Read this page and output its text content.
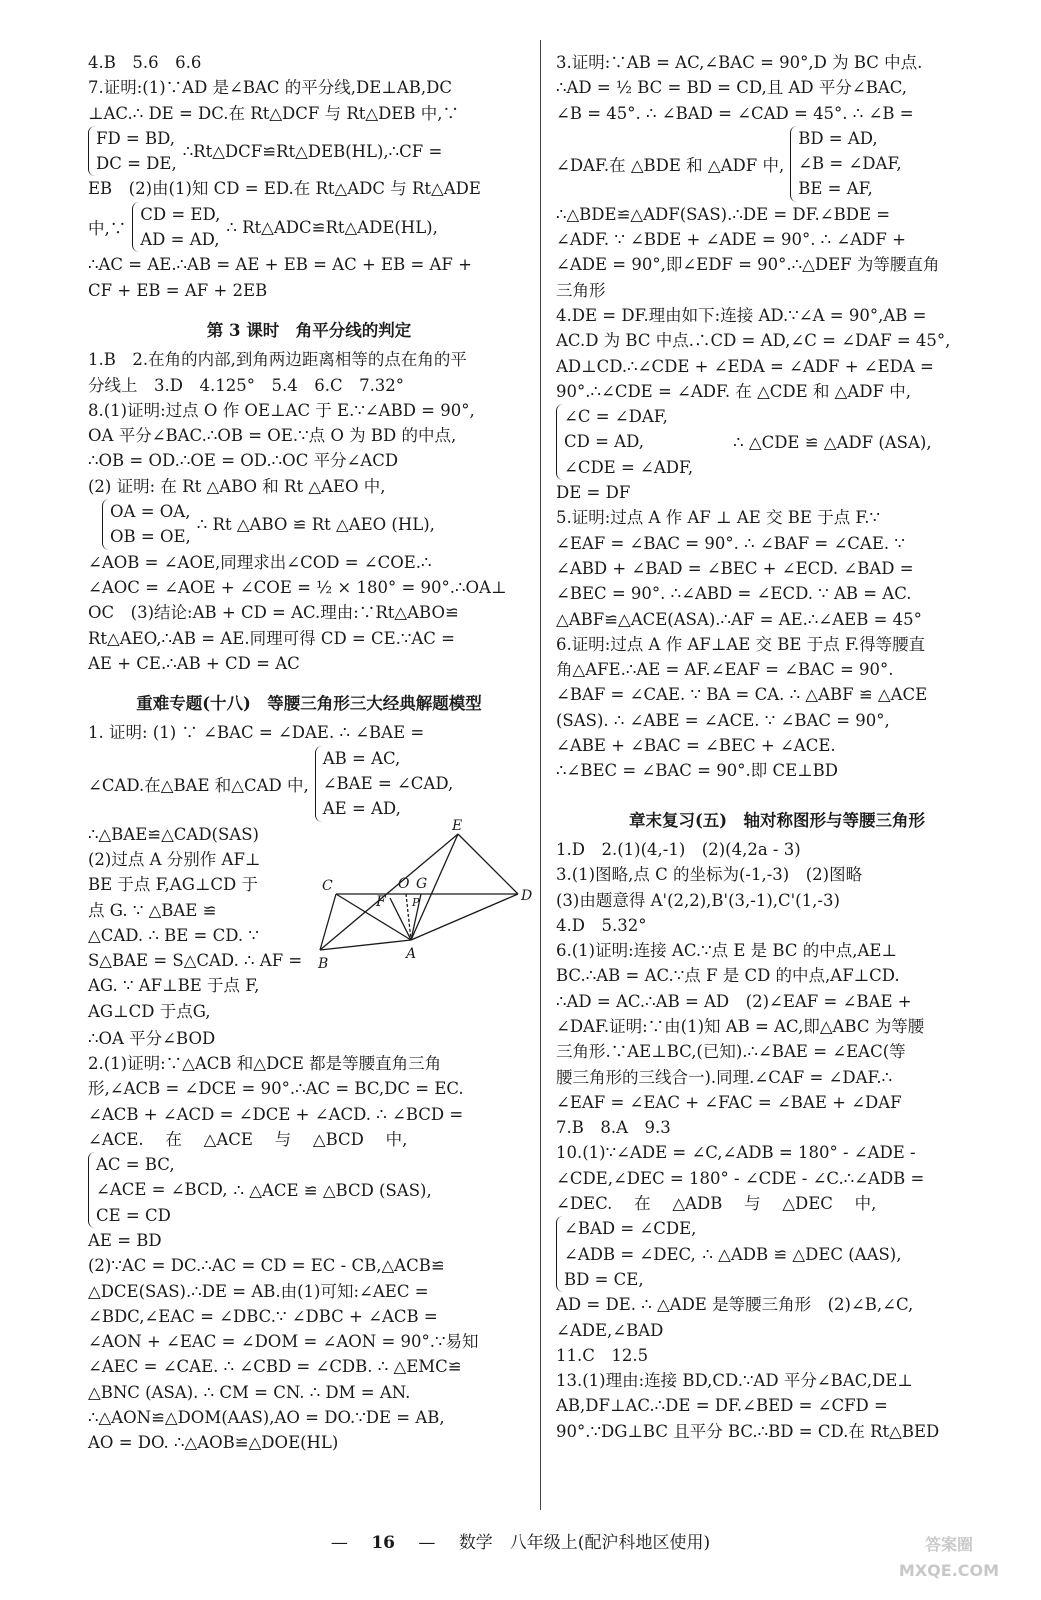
4.B　5.6　6.6
7.证明:(1)∵AD 是∠BAC 的平分线,DE⊥AB,DC
⊥AC.∴ DE = DC.在 Rt△DCF 与 Rt△DEB 中,∵
FD = BD,
DC = DE,
∴Rt△DCF≌Rt△DEB(HL),∴CF =
EB　(2)由(1)知 CD = ED.在 Rt△ADC 与 Rt△ADE
中,∵
CD = ED,
AD = AD,
∴ Rt△ADC≌Rt△ADE(HL),
∴AC = AE.∴AB = AE + EB = AC + EB = AF +
CF + EB = AF + 2EB
第 3 课时　角平分线的判定
1.B　2.在角的内部,到角两边距离相等的点在角的平
分线上　3.D　4.125°　5.4　6.C　7.32°
8.(1)证明:过点 O 作 OE⊥AC 于 E.∵∠ABD = 90°,
OA 平分∠BAC.∴OB = OE.∵点 O 为 BD 的中点,
∴OB = OD.∴OE = OD.∴OC 平分∠ACD
(2) 证明: 在 Rt △ABO 和 Rt △AEO 中,
OA = OA,
OB = OE,
∴ Rt △ABO ≌ Rt △AEO (HL),
∠AOB = ∠AOE,同理求出∠COD = ∠COE.∴
∠AOC = ∠AOE + ∠COE = ½ × 180° = 90°.∴OA⊥
OC　(3)结论:AB + CD = AC.理由:∵Rt△ABO≌
Rt△AEO,∴AB = AE.同理可得 CD = CE.∵AC =
AE + CE.∴AB + CD = AC
重难专题(十八)　等腰三角形三大经典解题模型
1. 证明: (1) ∵ ∠BAC = ∠DAE. ∴ ∠BAE =
∠CAD.在△BAE 和△CAD 中,
AB = AC,
∠BAE = ∠CAD,
AE = AD,
∴△BAE≌△CAD(SAS)
(2)过点 A 分别作 AF⊥
BE 于点 F,AG⊥CD 于
点 G. ∵ △BAE ≌
△CAD. ∴ BE = CD. ∵
S△BAE = S△CAD. ∴ AF =
AG. ∵ AF⊥BE 于点 F,
AG⊥CD 于点G,
E
C	O G
D
F P
B
A
∴OA 平分∠BOD
2.(1)证明:∵△ACB 和△DCE 都是等腰直角三角
形,∠ACB = ∠DCE = 90°.∴AC = BC,DC = EC.
∠ACB + ∠ACD = ∠DCE + ∠ACD. ∴ ∠BCD =
∠ACE. 　在 　△ACE 　与 　△BCD 　中,
AC = BC,
∠ACE = ∠BCD,
CE = CD
∴ △ACE ≌ △BCD (SAS),
AE = BD
(2)∵AC = DC.∴AC = CD = EC - CB,△ACB≌
△DCE(SAS).∴DE = AB.由(1)可知:∠AEC =
∠BDC,∠EAC = ∠DBC.∵ ∠DBC + ∠ACB =
∠AON + ∠EAC = ∠DOM = ∠AON = 90°.∵易知
∠AEC = ∠CAE. ∴ ∠CBD = ∠CDB. ∴ △EMC≌
△BNC (ASA). ∴ CM = CN. ∴ DM = AN.
∴△AON≌△DOM(AAS),AO = DO.∵DE = AB,
AO = DO. ∴△AOB≌△DOE(HL)
3.证明:∵AB = AC,∠BAC = 90°,D 为 BC 中点.
∴AD = ½ BC = BD = CD,且 AD 平分∠BAC,
∠B = 45°. ∴ ∠BAD = ∠CAD = 45°. ∴ ∠B =
∠DAF.在 △BDE 和 △ADF 中,
BD = AD,
∠B = ∠DAF,
BE = AF,
∴△BDE≌△ADF(SAS).∴DE = DF.∠BDE =
∠ADF. ∵ ∠BDE + ∠ADE = 90°. ∴ ∠ADF +
∠ADE = 90°,即∠EDF = 90°.∴△DEF 为等腰直角
三角形
4.DE = DF.理由如下:连接 AD.∵∠A = 90°,AB =
AC.D 为 BC 中点.∴CD = AD,∠C = ∠DAF = 45°,
AD⊥CD.∴∠CDE + ∠EDA = ∠ADF + ∠EDA =
90°.∴∠CDE = ∠ADF. 在 △CDE 和 △ADF 中,
∠C = ∠DAF,
CD = AD,
∠CDE = ∠ADF,
∴ △CDE ≌ △ADF (ASA),
DE = DF
5.证明:过点 A 作 AF ⊥ AE 交 BE 于点 F.∵
∠EAF = ∠BAC = 90°. ∴ ∠BAF = ∠CAE. ∵
∠ABD + ∠BAD = ∠BEC + ∠ECD. ∠BAD =
∠BEC = 90°. ∴∠ABD = ∠ECD. ∵ AB = AC.
△ABF≌△ACE(ASA).∴AF = AE.∴∠AEB = 45°
6.证明:过点 A 作 AF⊥AE 交 BE 于点 F.得等腰直
角△AFE.∴AE = AF.∠EAF = ∠BAC = 90°.
∠BAF = ∠CAE. ∵ BA = CA. ∴ △ABF ≌ △ACE
(SAS). ∴ ∠ABE = ∠ACE. ∵ ∠BAC = 90°,
∠ABE + ∠BAC = ∠BEC + ∠ACE.
∴∠BEC = ∠BAC = 90°.即 CE⊥BD
章末复习(五)　轴对称图形与等腰三角形
1.D　2.(1)(4,-1)　(2)(4,2a - 3)
3.(1)图略,点 C 的坐标为(-1,-3)　(2)图略
(3)由题意得 A'(2,2),B'(3,-1),C'(1,-3)
4.D　5.32°
6.(1)证明:连接 AC.∵点 E 是 BC 的中点,AE⊥
BC.∴AB = AC.∵点 F 是 CD 的中点,AF⊥CD.
∴AD = AC.∴AB = AD　(2)∠EAF = ∠BAE +
∠DAF.证明:∵由(1)知 AB = AC,即△ABC 为等腰
三角形.∵AE⊥BC,(已知).∴∠BAE = ∠EAC(等
腰三角形的三线合一).同理.∠CAF = ∠DAF.∴
∠EAF = ∠EAC + ∠FAC = ∠BAE + ∠DAF
7.B　8.A　9.3
10.(1)∵∠ADE = ∠C,∠ADB = 180° - ∠ADE -
∠CDE,∠DEC = 180° - ∠CDE - ∠C.∴∠ADB =
∠DEC. 　在 　△ADB 　与 　△DEC 　中,
∠BAD = ∠CDE,
∠ADB = ∠DEC,
BD = CE,
∴ △ADB ≌ △DEC (AAS),
AD = DE. ∴ △ADE 是等腰三角形　(2)∠B,∠C,
∠ADE,∠BAD
11.C　12.5
13.(1)理由:连接 BD,CD.∵AD 平分∠BAC,DE⊥
AB,DF⊥AC.∴DE = DF.∠BED = ∠CFD =
90°.∵DG⊥BC 且平分 BC.∴BD = CD.在 Rt△BED
— 16 — 数学　八年级上(配沪科地区使用)	答案圈
MXQE.COM
